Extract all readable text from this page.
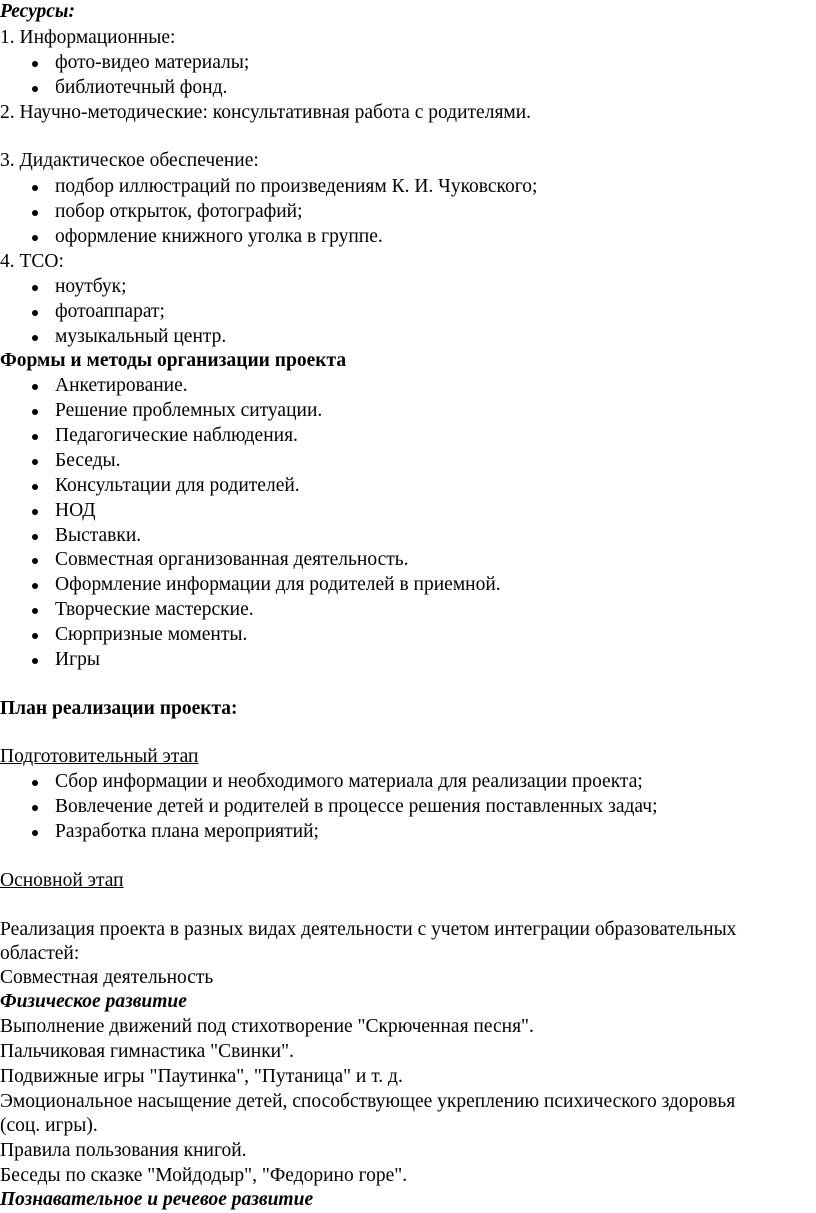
Ресурсы:
1. Информационные:
фото-видео материалы;
библиотечный фонд.
2. Научно-методические: консультативная работа с родителями.
3. Дидактическое обеспечение:
подбор иллюстраций по произведениям К. И. Чуковского;
побор открыток, фотографий;
оформление книжного уголка в группе.
4. ТСО:
ноутбук;
фотоаппарат;
музыкальный центр.
Формы и методы организации проекта
Анкетирование.
Решение проблемных ситуации.
Педагогические наблюдения.
Беседы.
Консультации для родителей.
НОД
Выставки.
Совместная организованная деятельность.
Оформление информации для родителей в приемной.
Творческие мастерские.
Сюрпризные моменты.
Игры
План реализации проекта:
Подготовительный этап
Сбор информации и необходимого материала для реализации проекта;
Вовлечение детей и родителей в процессе решения поставленных задач;
Разработка плана мероприятий;
Основной этап
Реализация проекта в разных видах деятельности с учетом интеграции образовательных
областей:
Совместная деятельность
Физическое развитие
Выполнение движений под стихотворение "Скрюченная песня".
Пальчиковая гимнастика "Свинки".
Подвижные игры "Паутинка", "Путаница" и т. д.
Эмоциональное насыщение детей, способствующее укреплению психического здоровья
(соц. игры).
Правила пользования книгой.
Беседы по сказке "Мойдодыр", "Федорино горе".
Познавательное и речевое развитие
